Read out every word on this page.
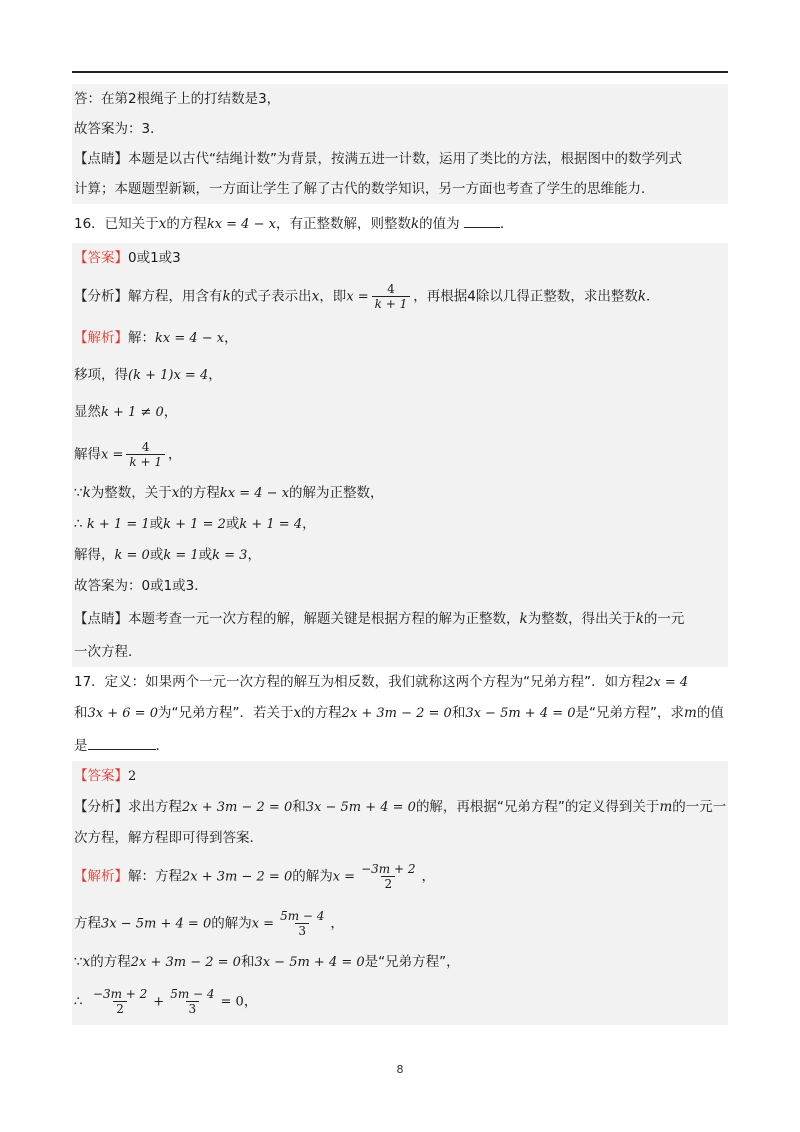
答：在第2根绳子上的打结数是3，
故答案为：3．
【点睛】本题是以古代“结绳计数”为背景，按满五进一计数，运用了类比的方法，根据图中的数学列式
计算；本题题型新颖，一方面让学生了解了古代的数学知识，另一方面也考查了学生的思维能力．
16．已知关于x的方程kx = 4 − x，有正整数解，则整数k的值为	．
【答案】0或1或3
【分析】解方程，用含有k的式子表示出x，即$x = \frac{4}{k + 1}$ ，再根据4除以几得正整数，求出整数k．
【解析】解：kx = 4 − x，
移项，得(k + 1)x = 4，
显然k + 1 ≠ 0，
解得$x = \frac{4}{k + 1}$ ，
∵k为整数，关于x的方程kx = 4 − x的解为正整数，
∴ k + 1 = 1或k + 1 = 2或k + 1 = 4，
解得，k = 0或k = 1或k = 3，
故答案为：0或1或3．
【点睛】本题考查一元一次方程的解，解题关键是根据方程的解为正整数，k为整数，得出关于k的一元
一次方程．
17．定义：如果两个一元一次方程的解互为相反数，我们就称这两个方程为“兄弟方程”．如方程2x = 4
和3x + 6 = 0为“兄弟方程”．若关于x的方程2x + 3m − 2 = 0和3x − 5m + 4 = 0是“兄弟方程”，求m的值
是	．
【答案】2
【分析】求出方程2x + 3m − 2 = 0和3x − 5m + 4 = 0的解，再根据“兄弟方程”的定义得到关于m的一元一
次方程，解方程即可得到答案．
【解析】解：方程2x + 3m − 2 = 0的解为$x = \frac{-3m + 2}{2}$ ，
方程3x − 5m + 4 = 0的解为$x = \frac{5m - 4}{3}$ ，
∵x的方程2x + 3m − 2 = 0和3x − 5m + 4 = 0是“兄弟方程”，
∴ $\frac{-3m + 2}{2} + \frac{5m - 4}{3} = 0$，
8
